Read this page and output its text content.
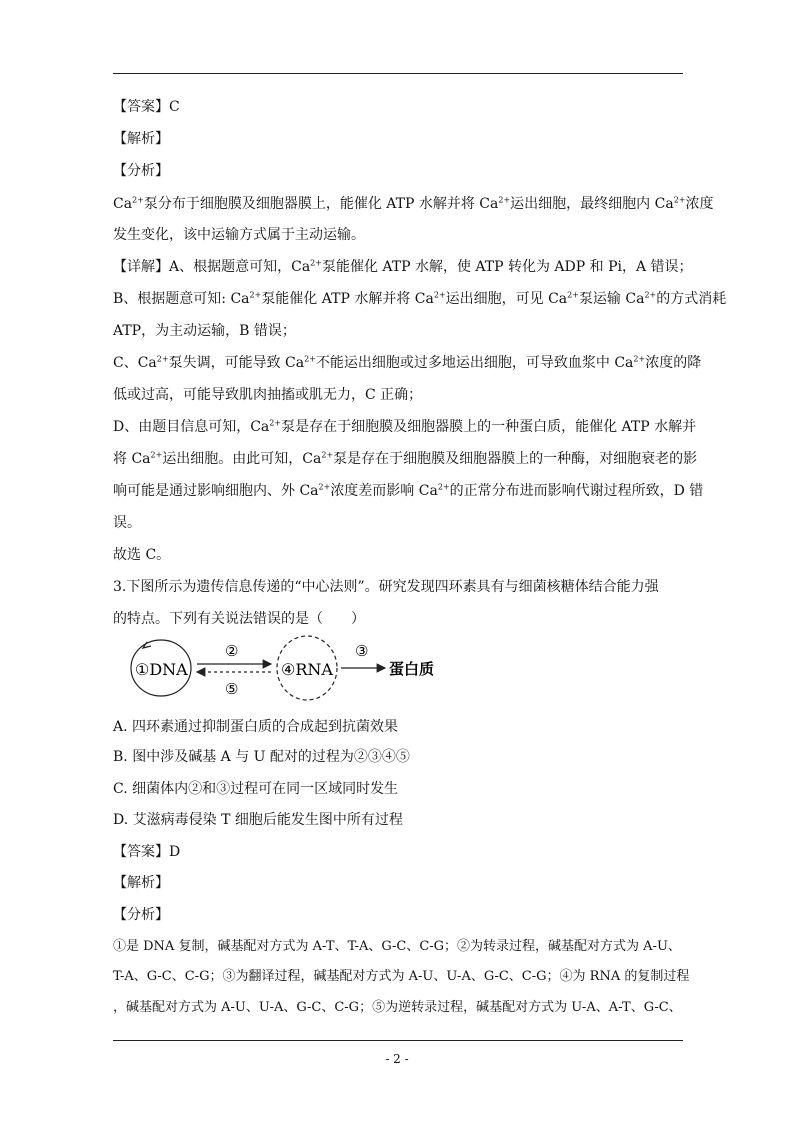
【答案】C
【解析】
【分析】
$Ca^{2+}$泵分布于细胞膜及细胞器膜上，能催化 ATP 水解并将 $Ca^{2+}$运出细胞，最终细胞内 $Ca^{2+}$浓度
发生变化，该中运输方式属于主动运输。
【详解】A、根据题意可知，$Ca^{2+}$泵能催化 ATP 水解，使 ATP 转化为 ADP 和 Pi，A 错误；
B、根据题意可知: $Ca^{2+}$泵能催化 ATP 水解并将 $Ca^{2+}$运出细胞，可见 $Ca^{2+}$泵运输 $Ca^{2+}$的方式消耗
ATP，为主动运输，B 错误；
C、$Ca^{2+}$泵失调，可能导致 $Ca^{2+}$不能运出细胞或过多地运出细胞，可导致血浆中 $Ca^{2+}$浓度的降
低或过高，可能导致肌肉抽搐或肌无力，C 正确；
D、由题目信息可知，$Ca^{2+}$泵是存在于细胞膜及细胞器膜上的一种蛋白质，能催化 ATP 水解并
将 $Ca^{2+}$运出细胞。由此可知，$Ca^{2+}$泵是存在于细胞膜及细胞器膜上的一种酶，对细胞衰老的影
响可能是通过影响细胞内、外 $Ca^{2+}$浓度差而影响 $Ca^{2+}$的正常分布进而影响代谢过程所致，D 错
误。
故选 C。
3.下图所示为遗传信息传递的“中心法则”。研究发现四环素具有与细菌核糖体结合能力强
的特点。下列有关说法错误的是（　　）
①DNA
②
⑤
④RNA
③
蛋白质
A. 四环素通过抑制蛋白质的合成起到抗菌效果
B. 图中涉及碱基 A 与 U 配对的过程为②③④⑤
C. 细菌体内②和③过程可在同一区域同时发生
D. 艾滋病毒侵染 T 细胞后能发生图中所有过程
【答案】D
【解析】
【分析】
①是 DNA 复制，碱基配对方式为 A-T、T-A、G-C、C-G；②为转录过程，碱基配对方式为 A-U、
T-A、G-C、C-G；③为翻译过程，碱基配对方式为 A-U、U-A、G-C、C-G；④为 RNA 的复制过程
，碱基配对方式为 A-U、U-A、G-C、C-G；⑤为逆转录过程，碱基配对方式为 U-A、A-T、G-C、
- 2 -
